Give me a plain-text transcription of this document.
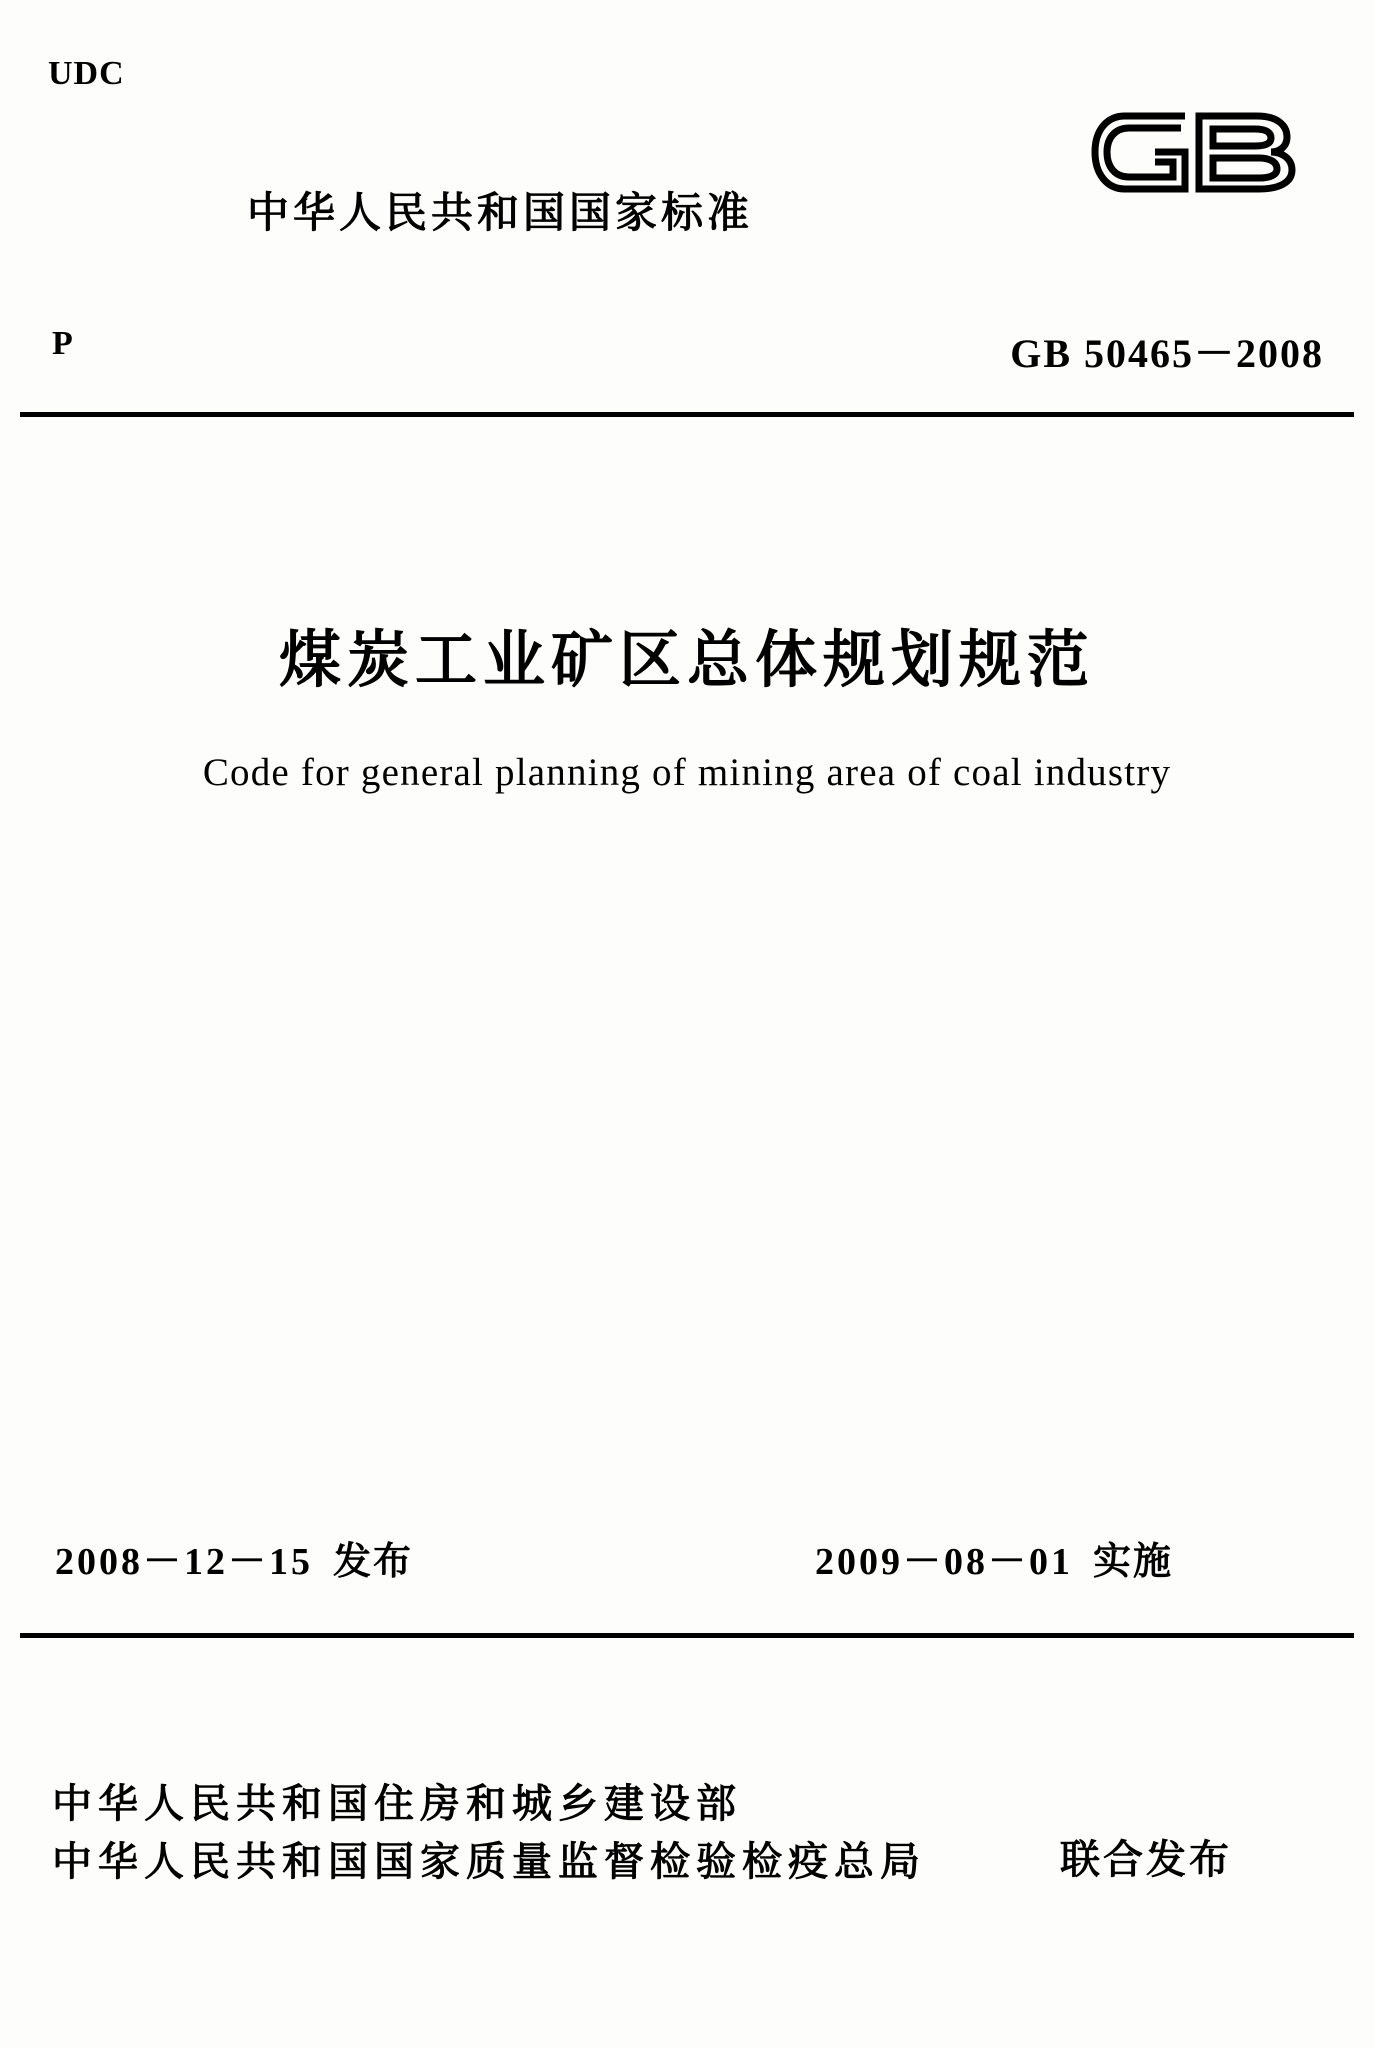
UDC
中华人民共和国国家标准
P	GB 50465－2008
煤炭工业矿区总体规划规范
Code for general planning of mining area of coal industry
2008－12－15 发布	2009－08－01 实施
中华人民共和国住房和城乡建设部
中华人民共和国国家质量监督检验检疫总局	联合发布
